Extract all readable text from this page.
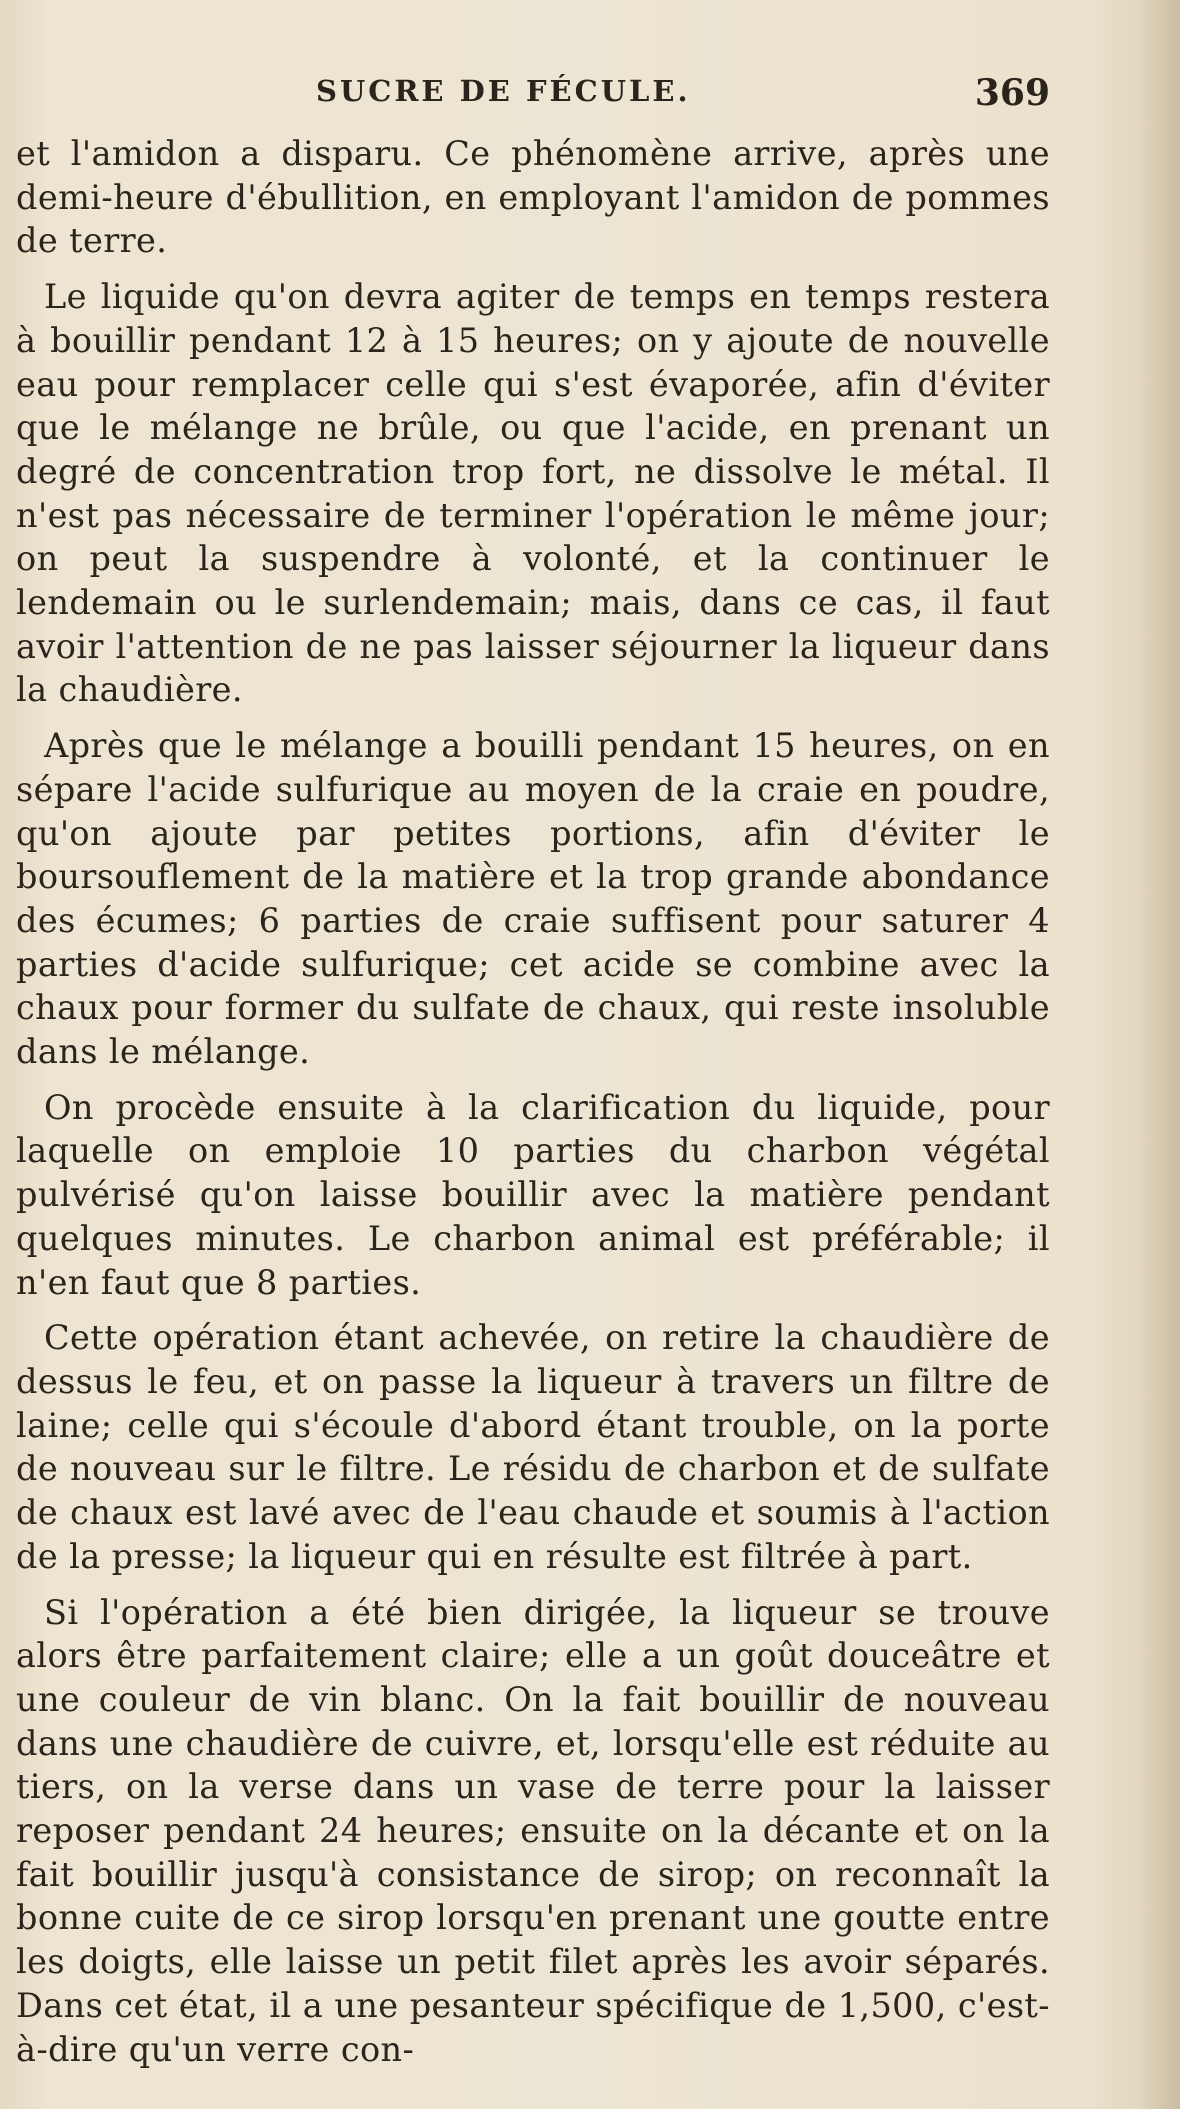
SUCRE DE FÉCULE.	369

et l'amidon a disparu. Ce phénomène arrive, après une demi-heure d'ébullition, en employant l'amidon de pommes de terre.

Le liquide qu'on devra agiter de temps en temps restera à bouillir pendant 12 à 15 heures; on y ajoute de nouvelle eau pour remplacer celle qui s'est évaporée, afin d'éviter que le mélange ne brûle, ou que l'acide, en prenant un degré de concentration trop fort, ne dissolve le métal. Il n'est pas nécessaire de terminer l'opération le même jour; on peut la suspendre à volonté, et la continuer le lendemain ou le surlendemain; mais, dans ce cas, il faut avoir l'attention de ne pas laisser séjourner la liqueur dans la chaudière.

Après que le mélange a bouilli pendant 15 heures, on en sépare l'acide sulfurique au moyen de la craie en poudre, qu'on ajoute par petites portions, afin d'éviter le boursouflement de la matière et la trop grande abondance des écumes; 6 parties de craie suffisent pour saturer 4 parties d'acide sulfurique; cet acide se combine avec la chaux pour former du sulfate de chaux, qui reste insoluble dans le mélange.

On procède ensuite à la clarification du liquide, pour laquelle on emploie 10 parties du charbon végétal pulvérisé qu'on laisse bouillir avec la matière pendant quelques minutes. Le charbon animal est préférable; il n'en faut que 8 parties.

Cette opération étant achevée, on retire la chaudière de dessus le feu, et on passe la liqueur à travers un filtre de laine; celle qui s'écoule d'abord étant trouble, on la porte de nouveau sur le filtre. Le résidu de charbon et de sulfate de chaux est lavé avec de l'eau chaude et soumis à l'action de la presse; la liqueur qui en résulte est filtrée à part.

Si l'opération a été bien dirigée, la liqueur se trouve alors être parfaitement claire; elle a un goût douceâtre et une couleur de vin blanc. On la fait bouillir de nouveau dans une chaudière de cuivre, et, lorsqu'elle est réduite au tiers, on la verse dans un vase de terre pour la laisser reposer pendant 24 heures; ensuite on la décante et on la fait bouillir jusqu'à consistance de sirop; on reconnaît la bonne cuite de ce sirop lorsqu'en prenant une goutte entre les doigts, elle laisse un petit filet après les avoir séparés. Dans cet état, il a une pesanteur spécifique de 1,500, c'est-à-dire qu'un verre con-
